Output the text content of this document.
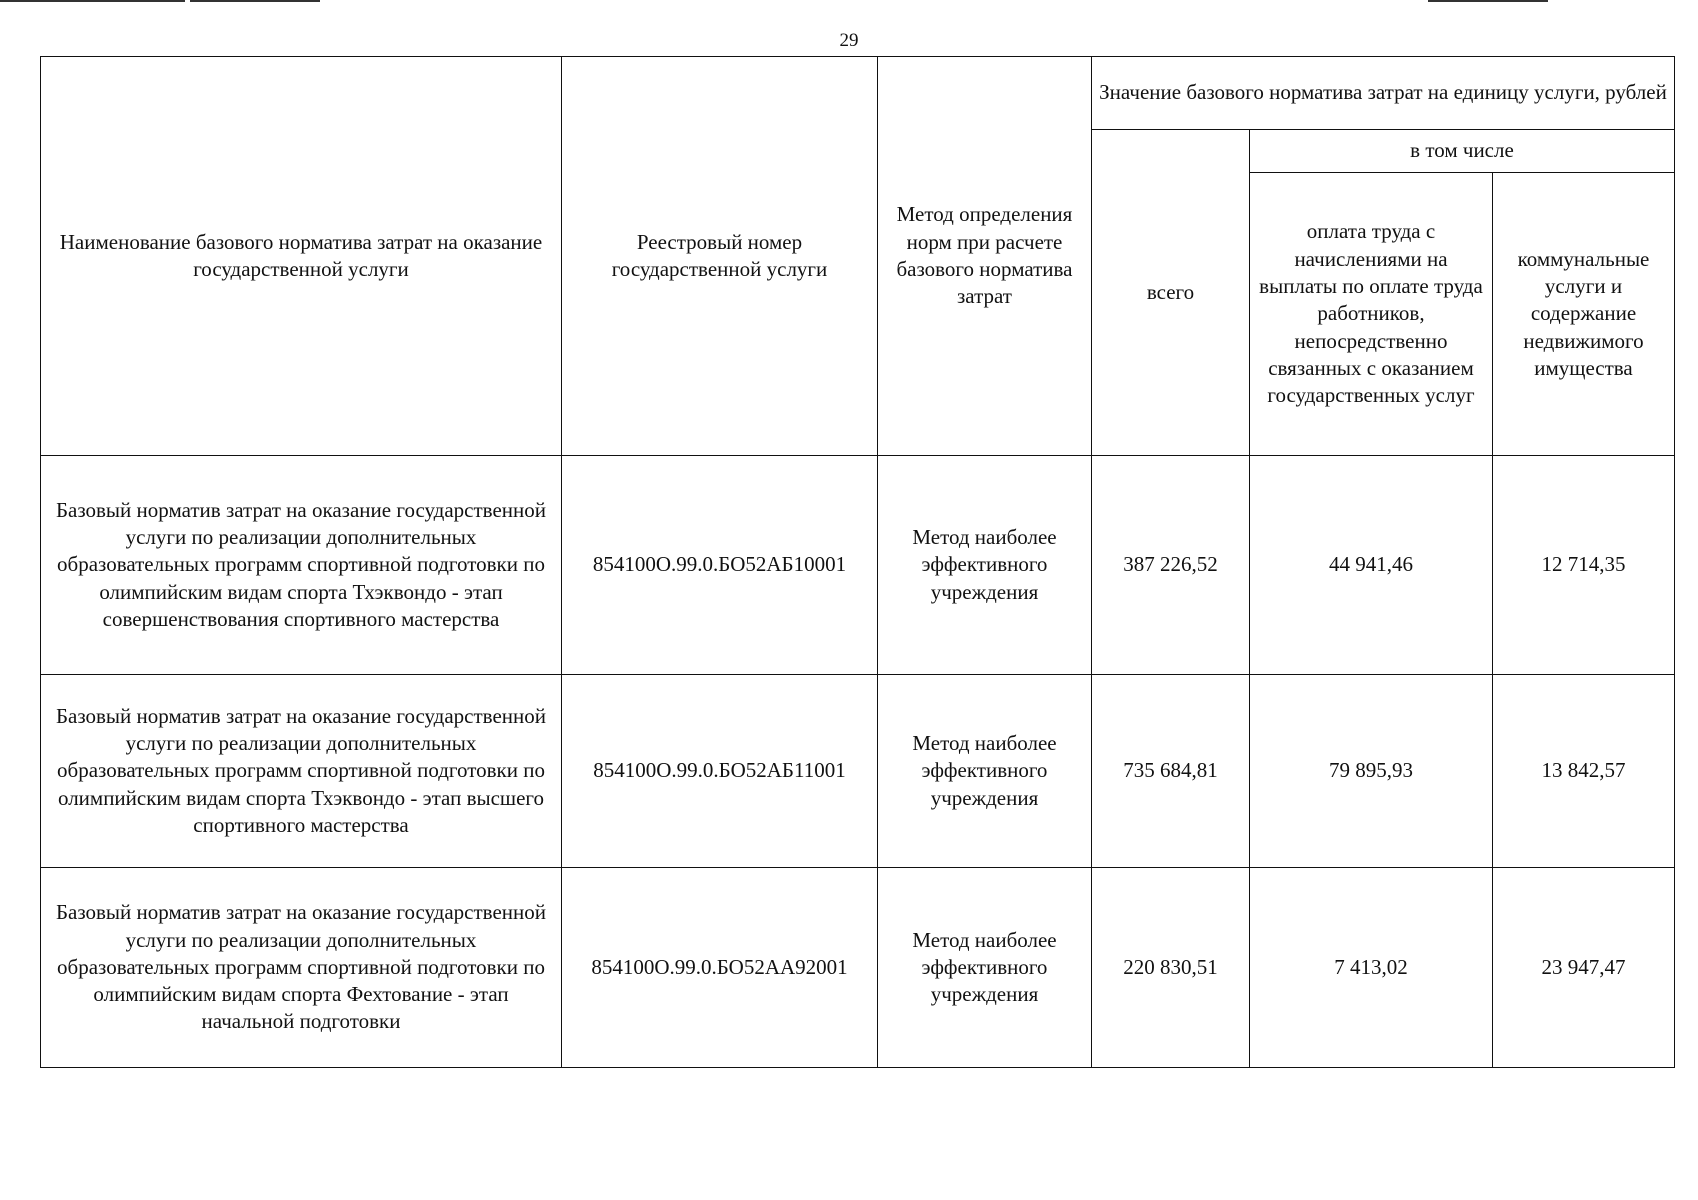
29
Наименование базового норматива затрат на оказание государственной услуги	Реестровый номер государственной услуги	Метод определения норм при расчете базового норматива затрат	Значение базового норматива затрат на единицу услуги, рублей		
			всего	в том числе	
				оплата труда с начислениями на выплаты по оплате труда работников, непосредственно связанных с оказанием государственных услуг	коммунальные услуги и содержание недвижимого имущества
Базовый норматив затрат на оказание государственной услуги по реализации дополнительных образовательных программ спортивной подготовки по олимпийским видам спорта Тхэквондо - этап совершенствования спортивного мастерства	854100О.99.0.БО52АБ10001	Метод наиболее эффективного учреждения	387 226,52	44 941,46	12 714,35
Базовый норматив затрат на оказание государственной услуги по реализации дополнительных образовательных программ спортивной подготовки по олимпийским видам спорта Тхэквондо - этап высшего спортивного мастерства	854100О.99.0.БО52АБ11001	Метод наиболее эффективного учреждения	735 684,81	79 895,93	13 842,57
Базовый норматив затрат на оказание государственной услуги по реализации дополнительных образовательных программ спортивной подготовки по олимпийским видам спорта Фехтование - этап начальной подготовки	854100О.99.0.БО52АА92001	Метод наиболее эффективного учреждения	220 830,51	7 413,02	23 947,47
